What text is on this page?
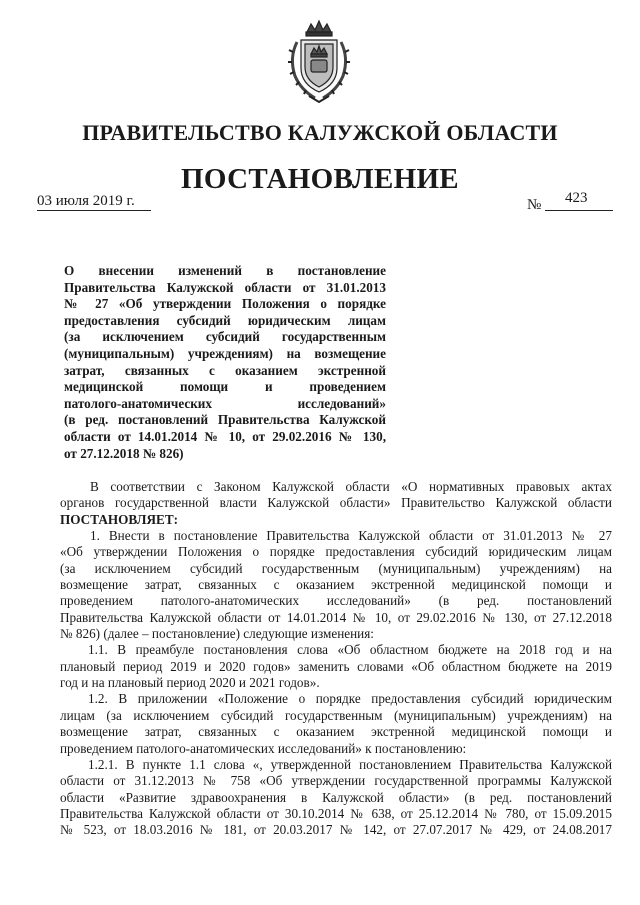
ПРАВИТЕЛЬСТВО КАЛУЖСКОЙ ОБЛАСТИ
ПОСТАНОВЛЕНИЕ
03 июля 2019 г.	№ 423
О внесении изменений в постановление
Правительства Калужской области от 31.01.2013
№ 27 «Об утверждении Положения о порядке
предоставления субсидий юридическим лицам
(за исключением субсидий государственным
(муниципальным) учреждениям) на возмещение
затрат, связанных с оказанием экстренной
медицинской помощи и проведением
патолого-анатомических исследований»
(в ред. постановлений Правительства Калужской
области от 14.01.2014 № 10, от 29.02.2016 № 130,
от 27.12.2018 № 826)
В соответствии с Законом Калужской области «О нормативных правовых актах
органов государственной власти Калужской области» Правительство Калужской области
ПОСТАНОВЛЯЕТ:
1. Внести в постановление Правительства Калужской области от 31.01.2013 № 27
«Об утверждении Положения о порядке предоставления субсидий юридическим лицам
(за исключением субсидий государственным (муниципальным) учреждениям) на
возмещение затрат, связанных с оказанием экстренной медицинской помощи и
проведением патолого-анатомических исследований» (в ред. постановлений
Правительства Калужской области от 14.01.2014 № 10, от 29.02.2016 № 130, от 27.12.2018
№ 826) (далее – постановление) следующие изменения:
1.1. В преамбуле постановления слова «Об областном бюджете на 2018 год и на
плановый период 2019 и 2020 годов» заменить словами «Об областном бюджете на 2019
год и на плановый период 2020 и 2021 годов».
1.2. В приложении «Положение о порядке предоставления субсидий юридическим
лицам (за исключением субсидий государственным (муниципальным) учреждениям) на
возмещение затрат, связанных с оказанием экстренной медицинской помощи и
проведением патолого-анатомических исследований» к постановлению:
1.2.1. В пункте 1.1 слова «, утвержденной постановлением Правительства Калужской
области от 31.12.2013 № 758 «Об утверждении государственной программы Калужской
области «Развитие здравоохранения в Калужской области» (в ред. постановлений
Правительства Калужской области от 30.10.2014 № 638, от 25.12.2014 № 780, от 15.09.2015
№ 523, от 18.03.2016 № 181, от 20.03.2017 № 142, от 27.07.2017 № 429, от 24.08.2017
